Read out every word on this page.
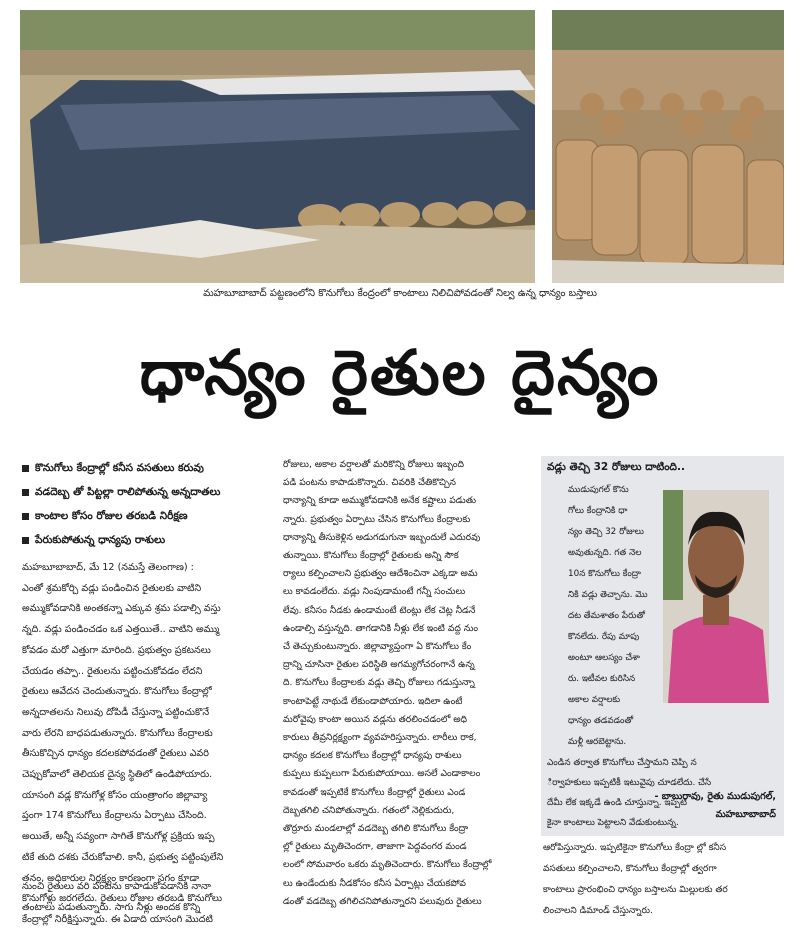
మహబూబాబాద్ పట్టణంలోని కొనుగోలు కేంద్రంలో కాంటాలు నిలిచిపోవడంతో నిల్వ ఉన్న ధాన్యం బస్తాలు
ధాన్యం రైతుల దైన్యం
కొనుగోలు కేంద్రాల్లో కనీస వసతులు కరువు
వడదెబ్బ తో పిట్టల్లా రాలిపోతున్న అన్నదాతలు
కాంటాల కోసం రోజుల తరబడి నిరీక్షణ
పేరుకుపోతున్న ధాన్యపు రాశులు

మహబూబాబాద్, మే 12 (నమస్తే తెలంగాణ) :

ఎంతో శ్రమకోర్చి వడ్లు పండించిన రైతులకు వాటిని

అమ్ముకోవడానికి అంతకన్నా ఎక్కువ శ్రమ పడాల్సి వస్తు

న్నది. వడ్లు పండించడం ఒక ఎత్తయితే.. వాటిని అమ్ము

కోవడం మరో ఎత్తుగా మారింది. ప్రభుత్వం ప్రకటనలు

చేయడం తప్పా.. రైతులను పట్టించుకోవడం లేదని

రైతులు ఆవేదన చెందుతున్నారు. కొనుగోలు కేంద్రాల్లో

అన్నదాతలను నిలువు దోపిడీ చేస్తున్నా పట్టించుకొనే

వారు లేరని బాధపడుతున్నారు. కొనుగోలు కేంద్రాలకు

తీసుకొచ్చిన ధాన్యం కదలకపోవడంతో రైతులు ఎవరి

చెప్పుకోవాలో తెలియక దైన్య స్థితిలో ఉండిపోయారు.

యాసంగి వడ్ల కొనుగోళ్ల కోసం యంత్రాంగం జిల్లావ్యా

ప్తంగా 174 కొనుగోలు కేంద్రాలను ఏర్పాటు చేసింది.

అయితే, అన్నీ సవ్యంగా సాగితే కొనుగోళ్ల ప్రక్రియ ఇప్ప

టికే తుది దశకు చేరుకోవాలి. కానీ, ప్రభుత్వ పట్టింపులేని

తనం, అధికారుల నిర్లక్ష్యం కారణంగా సగం కూడా

కొనుగోళ్లు జరగలేదు. రైతులు రోజుల తరబడి కొనుగోలు

కేంద్రాల్లో నిరీక్షిస్తున్నారు. ఈ ఏడాది యాసంగి మొదటి

నుంచి రైతులు వరి పంటను కాపాడుకోవడానికి నానా

తంటాలు పడుతున్నారు. సాగు నీళ్లు అందక కొన్ని

రోజులు, అకాల వర్షాలతో మరికొన్ని రోజులు ఇబ్బంది

పడి పంటను కాపాడుకొన్నారు. చివరికి చేతికొచ్చిన

ధాన్యాన్ని కూడా అమ్ముకోవడానికి అనేక కష్టాలు పడుతు

న్నారు. ప్రభుత్వం ఏర్పాటు చేసిన కొనుగోలు కేంద్రాలకు

ధాన్యాన్ని తీసుకెళ్లిన అడుగడుగునా ఇబ్బందులే ఎదురవు

తున్నాయి. కొనుగోలు కేంద్రాల్లో రైతులకు అన్ని సౌక

ర్యాలు కల్పించాలని ప్రభుత్వం ఆదేశించినా ఎక్కడా అమ

లు కావడంలేదు. వడ్లు నింపుడామంటే గన్నీ సంచులు

లేవు. కనీసం నీడకు ఉండామంటే టెంట్లు లేక చెట్ల నీడనే

ఉండాల్సి వస్తున్నది. తాగడానికి నీళ్లు లేక ఇంటి వద్ద నుం

చే తెచ్చుకుంటున్నారు. జిల్లావ్యాప్తంగా ఏ కొనుగోలు కేం

ద్రాన్ని చూసినా రైతుల పరిస్థితి అగమ్యగోచరంగానే ఉన్న

ది. కొనుగోలు కేంద్రాలకు వడ్లు తెచ్చి రోజులు గడుస్తున్నా

కాంటాపెట్టే నాథుడే లేకుండాపోయారు. ఇదిలా ఉంటే

మరోవైపు కాంటా అయిన వడ్లను తరలించడంలో అధి

కారులు తీవ్రనిర్లక్ష్యంగా వ్యవహరిస్తున్నారు. లారీలు రాక,

ధాన్యం కదలక కొనుగోలు కేంద్రాల్లో ధాన్యపు రాశులు

కుప్పలు కుప్పలుగా పేరుకుపోయాయి. అసలే ఎండాకాలం

కావడంతో ఇప్పటికే కొనుగోలు కేంద్రాల్లో రైతులు ఎండ

దెబ్బతగిలి చనిపోతున్నారు. గతంలో నెల్లికుదురు,

తొర్రూరు మండలాల్లో వడదెబ్బ తగిలి కొనుగోలు కేంద్రా

ల్లో రైతులు మృతిచెందగా, తాజాగా పెద్దవంగర మండ

లంలో సోమవారం ఒకరు మృతిచెందారు. కొనుగోలు కేంద్రాల్లో

లు ఉండేందుకు నీడకోసం కనీస ఏర్పాట్లు చేయకపోవ

డంతో వడదెబ్బ తగిలిచనిపోతున్నారని పలువురు రైతులు

వడ్లు తెచ్చి 32 రోజులు దాటింది..
ముడుపుగల్ కొను
గోలు కేంద్రానికి ధా
న్యం తెచ్చి 32 రోజులు
అవుతున్నది. గత నెల
10న కొనుగోలు కేంద్రా
నికి వడ్లు తెచ్చాను. మొ
దట తేమశాతం పేరుతో
కొనలేదు. రేపు మాపు
అంటూ ఆలస్యం చేశా
రు. ఇటీవల కురిసిన
అకాల వర్షాలకు
ధాన్యం తడవడంతో
మళ్లీ ఆరబెట్టాను.
ఎండిన తర్వాత కొనుగోలు చేస్తామని చెప్పి న
ిర్వాహకులు ఇప్పటికీ ఇటువైపు చూడలేదు. చేసే
దేమీ లేక ఇక్కడే ఉండి చూస్తున్నా. ఇప్పటి
కైనా కాంటాలు పెట్టాలని వేడుకుంటున్న.
- బాబురావు, రైతు ముడుపుగల్,
మహబూబాబాద్

ఆరోపిస్తున్నారు. ఇప్పటికైనా కొనుగోలు కేంద్రా ల్లో కనీస

వసతులు కల్పించాలని, కొనుగోలు కేంద్రాల్లో త్వరగా

కాంటాలు ప్రారంభించి ధాన్యం బస్తాలను మిల్లులకు తర

లించాలని డిమాండ్ చేస్తున్నారు.
